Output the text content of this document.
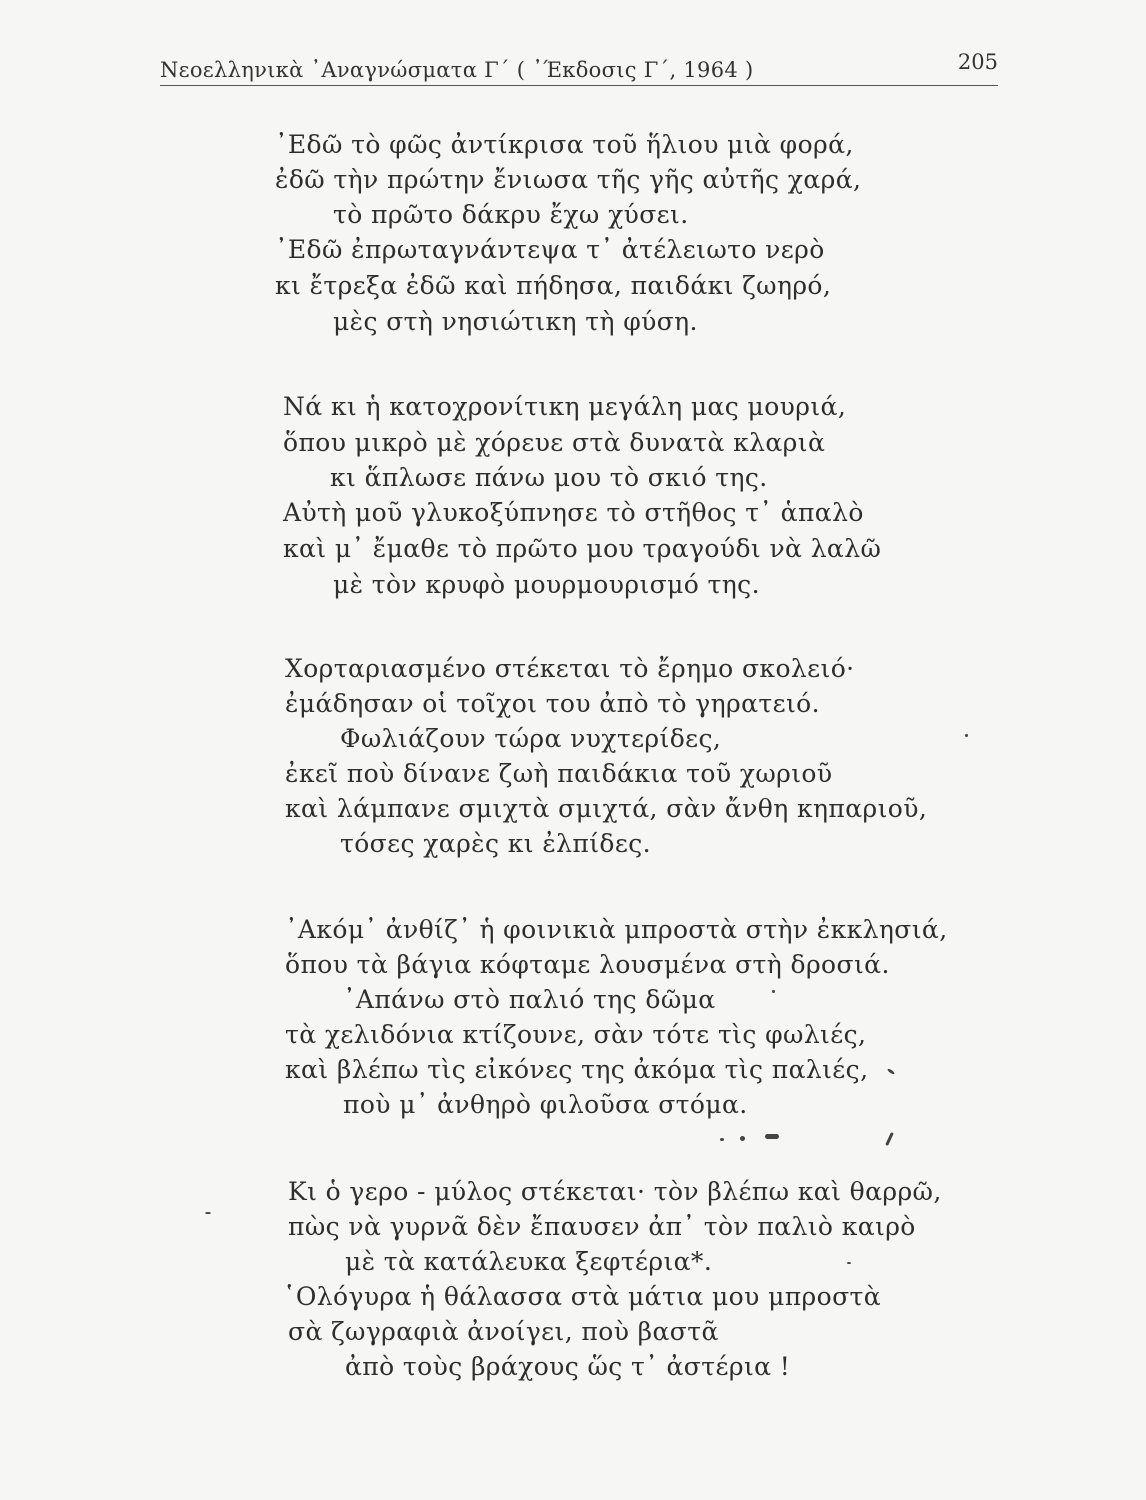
Νεοελληνικὰ ᾽Αναγνώσματα Γ´ ( ᾽Έκδοσις Γ´, 1964 )	205
᾽Εδῶ τὸ φῶς ἀντίκρισα τοῦ ἥλιου μιὰ φορά,
ἐδῶ τὴν πρώτην ἔνιωσα τῆς γῆς αὐτῆς χαρά,
τὸ πρῶτο δάκρυ ἔχω χύσει.
᾽Εδῶ ἐπρωταγνάντεψα τ᾽ ἀτέλειωτο νερὸ
κι ἔτρεξα ἐδῶ καὶ πήδησα, παιδάκι ζωηρό,
μὲς στὴ νησιώτικη τὴ φύση.
Νά κι ἡ κατοχρονίτικη μεγάλη μας μουριά,
ὅπου μικρὸ μὲ χόρευε στὰ δυνατὰ κλαριὰ
κι ἅπλωσε πάνω μου τὸ σκιό της.
Αὐτὴ μοῦ γλυκοξύπνησε τὸ στῆθος τ᾽ ἁπαλὸ
καὶ μ᾽ ἔμαθε τὸ πρῶτο μου τραγούδι νὰ λαλῶ
μὲ τὸν κρυφὸ μουρμουρισμό της.
Χορταριασμένο στέκεται τὸ ἔρημο σκολειό·
ἐμάδησαν οἱ τοῖχοι του ἀπὸ τὸ γηρατειό.
Φωλιάζουν τώρα νυχτερίδες,
ἐκεῖ ποὺ δίνανε ζωὴ παιδάκια τοῦ χωριοῦ
καὶ λάμπανε σμιχτὰ σμιχτά, σὰν ἄνθη κηπαριοῦ,
τόσες χαρὲς κι ἐλπίδες.
᾽Ακόμ᾽ ἀνθίζ᾽ ἡ φοινικιὰ μπροστὰ στὴν ἐκκλησιά,
ὅπου τὰ βάγια κόφταμε λουσμένα στὴ δροσιά.
᾽Απάνω στὸ παλιό της δῶμα
τὰ χελιδόνια κτίζουνε, σὰν τότε τὶς φωλιές,
καὶ βλέπω τὶς εἰκόνες της ἀκόμα τὶς παλιές,
ποὺ μ᾽ ἀνθηρὸ φιλοῦσα στόμα.
Κι ὁ γερο - μύλος στέκεται· τὸν βλέπω καὶ θαρρῶ,
πὼς νὰ γυρνᾶ δὲν ἔπαυσεν ἀπ᾽ τὸν παλιὸ καιρὸ
μὲ τὰ κατάλευκα ξεφτέρια*.
῾Ολόγυρα ἡ θάλασσα στὰ μάτια μου μπροστὰ
σὰ ζωγραφιὰ ἀνοίγει, ποὺ βαστᾶ
ἀπὸ τοὺς βράχους ὥς τ᾽ ἀστέρια !
